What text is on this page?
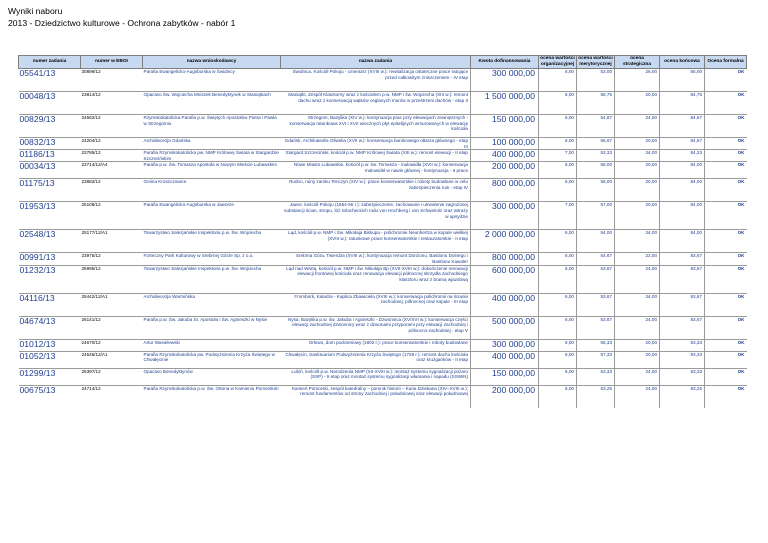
Wyniki naboru
2013 - Dziedzictwo kulturowe - Ochrona zabytków - nabór 1
numer zadania	numer w EBOI	nazwa wnioskodawcy	nazwa zadania	Kwota dofinansowania	ocena wartości organizacyjnej	ocena wartości merytorycznej	ocena strategiczna	ocena końcowa	Ocena formalna
05541/13	30899/12	Parafia Ewangelicko-Augsburska w Świdnicy	Świdnica, Kościół Pokoju - cmentarz (XVIII w.): rewitalizacja ostateczne prace ratujące przed całkowitym zniszczeniem - IV etap	300 000,00	6,00	53,00	26,00	85,00	OK
00048/13	23814/12	Opactwo Św. Wojciecha Mniszek Benedyktynek w Staniątkach	Staniątki, Zespół Klasztorny wraz z kościołem p.w. NMP i św. Wojciecha (XIII w.): remont dachu wraz z konserwacją wątków ceglanych murów w przestrzeni dachów - etap II	1 500 000,00	6,00	58,75	20,00	84,75	OK
00829/13	24562/12	Rzymskokatolicka Parafia p.w. Świętych Apostołów Piotra i Pawła w Strzegomiu	Strzegom, Bazylika (XIV w.): kontynuacja prac przy elewacjach zewnętrznych - konserwacja ratunkowa XVI i XVII wiecznych płyt epitafijnych wmurowanych w elewację kościoła	150 000,00	6,00	54,67	24,00	84,67	OK
00832/13	24204/12	Archidiecezja Gdańska	Gdańsk, Archikatedra Oliwska (XVII w.): konserwacja barokowego ołtarza głównego - etap III	100 000,00	8,00	56,67	20,00	84,67	OK
01186/13	23785/12	Parafia Rzymskokatolicka pw. NMP Królowej Świata w Stargardzie Szczecińskim	Stargard Szczeciński, kościół p.w. NMP Królowej Świata (XIII w.): remont elewacji - II etap	400 000,00	7,00	53,33	24,00	84,33	OK
00034/13	23714/12/A4	Parafia p.w. Św. Tomasza Apostoła w Nowym Mieście Lubawskim	Nowe Miasto Lubawskie, kościół p.w. św. Tomasza - malowidła (XVII w.): konserwacja malowideł w nawie głównej - kontynuacja - II prace	200 000,00	6,00	58,00	20,00	84,00	OK
01175/13	23882/12	Gmina Kroszczowice	Rudno, ruiny zamku Tenczyn (XIV w.): prace konserwatorskie i roboty budowlane w celu zabezpieczenia ruin - etap IV	800 000,00	6,00	58,00	20,00	84,00	OK
01953/13	25108/12	Parafia Ewangelicko-Augsburska w Jaworze	Jawor, kościół Pokoju (1654-55 r.): zabezpieczenie, zachowanie i utrwalenie zagrożonej substancji ścian, stropu, lóż szlacheckich rodu von Hochberg i von Schweinitz oraz witraży w apsydzie	300 000,00	7,00	57,00	20,00	84,00	OK
02548/13	25177/12/A1	Towarzystwo Salezjańskie Inspektoria p.w. Św. Wojciecha	Ląd, kościół p.w. NMP i Św. Mikołaja Biskupa - polichromie Neunhertza w kopule wielkiej (XVIII w.): ratunkowe prace konserwatorskie i restauratorskie - II etap	2 000 000,00	6,00	54,00	24,00	84,00	OK
00991/13	23975/12	Forteczny Park Kulturowy w Srebrnej Górze Sp. z o.o.	Srebrna Góra, Twierdza (XVIII w.): kontynuacja remont Donżonu, Bastionu Dolnego i Bastionu Kawaler	800 000,00	6,00	54,67	23,00	83,67	OK
01232/13	25995/12	Towarzystwo Salezjańskie Inspektoria p.w. Św. Wojciecha	Ląd nad Wartą, kościół p.w. NMP i św. Mikołaja Bp (XVII-XVIII w.): dokończenie renowacji elewacji frontowej kościoła oraz renowacja elewacji północnej skrzydła zachodniego klasztoru wraz z bramą wjazdową	600 000,00	6,00	53,67	24,00	83,67	OK
04116/13	25442/12/A1	Archidiecezja Warmińska	Frombork, Katedra - Kaplica Zbawiciela (XVIII w.): konserwacja polichromii na ścianie zachodniej, północnej oraz kopule - III etap	400 000,00	6,00	53,67	24,00	83,67	OK
04674/13	26141/12	Parafia p.w. Św. Jakuba St. Apostoła i Św. Agnieszki w Nysie	Nysa, Bazylika p.w. św. Jakuba i Agnieszki - Dzwonnica (XV/XVI w.): konserwacja części elewacji zachodniej dzwonnicy wraz z dzwonami przyporami przy elewacji zachodniej i północno-zachodniej - etap V	500 000,00	6,00	53,67	24,00	83,67	OK
01012/13	24670/12	Artur Wasielewski	Orłowo, dom podcieniowy (1802 r.): prace konserwatorskie i roboty budowlane	300 000,00	8,00	55,33	20,00	83,33	OK
01052/13	24545/12/A1	Parafia Rzymskokatolicka pw. Podwyższenia Krzyża Świętego w Chwałęcinie	Chwałęcin, Sanktuarium Podwyższenia Krzyża Świętego (1728 r.): remont dachu kościoła oraz krużganków - II etap	400 000,00	6,00	57,33	20,00	83,33	OK
01299/13	25397/12	Opactwo Benedyktynów	Lubiń, kościół p.w. Narodzenia NMP (XII-XVIII w.): montaż systemu sygnalizacji pożaru (SSP) - II etap oraz montaż systemu sygnalizacji włamania i napadu (SSWiN)	150 000,00	6,00	53,33	24,00	83,33	OK
00675/13	24714/12	Parafia Rzymskokatolicka p.w. Św. Ottona w Kamieniu Pomorskim	Kamień Pomorski, zespół katedralny – pomnik historii – Kuria Dziekana (XIV–XVIII w.): remont fundamentów od strony zachodniej i południowej oraz elewacji południowej	200 000,00	6,00	53,25	24,00	83,25	OK
